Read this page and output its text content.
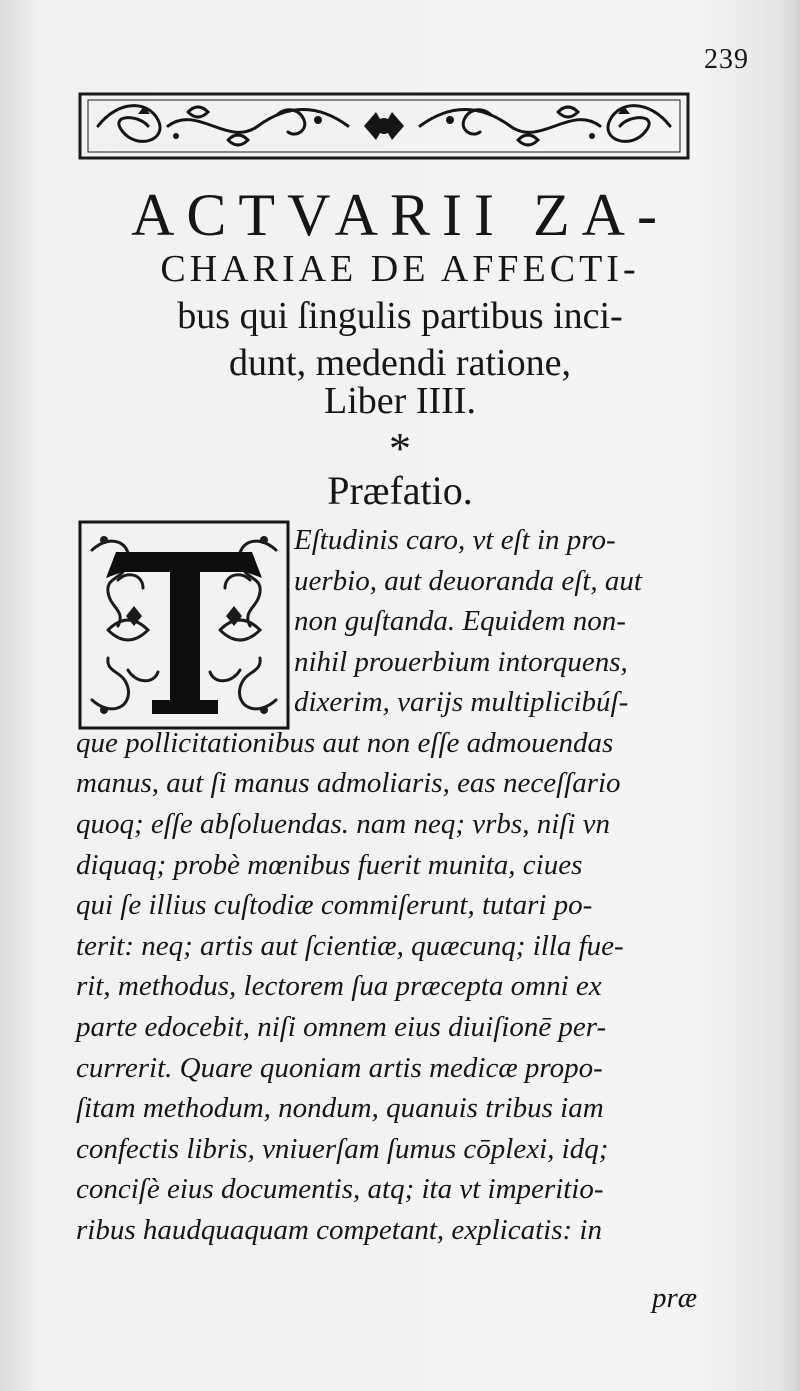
239
ACTVARII ZA-
CHARIAE DE AFFECTI-
bus qui ſingulis partibus inci-
dunt, medendi ratione,
Liber IIII.
*
Præfatio.
Eſtudinis caro, vt eſt in pro-
uerbio, aut deuoranda eſt, aut
non guſtanda. Equidem non-
nihil prouerbium intorquens,
dixerim, varijs multiplicibúſ-
que pollicitationibus aut non eſſe admouendas
manus, aut ſi manus admoliaris, eas neceſſario
quoq; eſſe abſoluendas. nam neq; vrbs, niſi vn
diquaq; probè mœnibus fuerit munita, ciues
qui ſe illius cuſtodiæ commiſerunt, tutari po-
terit: neq; artis aut ſcientiæ, quæcunq; illa fue-
rit, methodus, lectorem ſua præcepta omni ex
parte edocebit, niſi omnem eius diuiſionē per-
currerit. Quare quoniam artis medicæ propo-
ſitam methodum, nondum, quanuis tribus iam
confectis libris, vniuerſam ſumus cōplexi, idq;
conciſè eius documentis, atq; ita vt imperitio-
ribus haudquaquam competant, explicatis: in
præ
